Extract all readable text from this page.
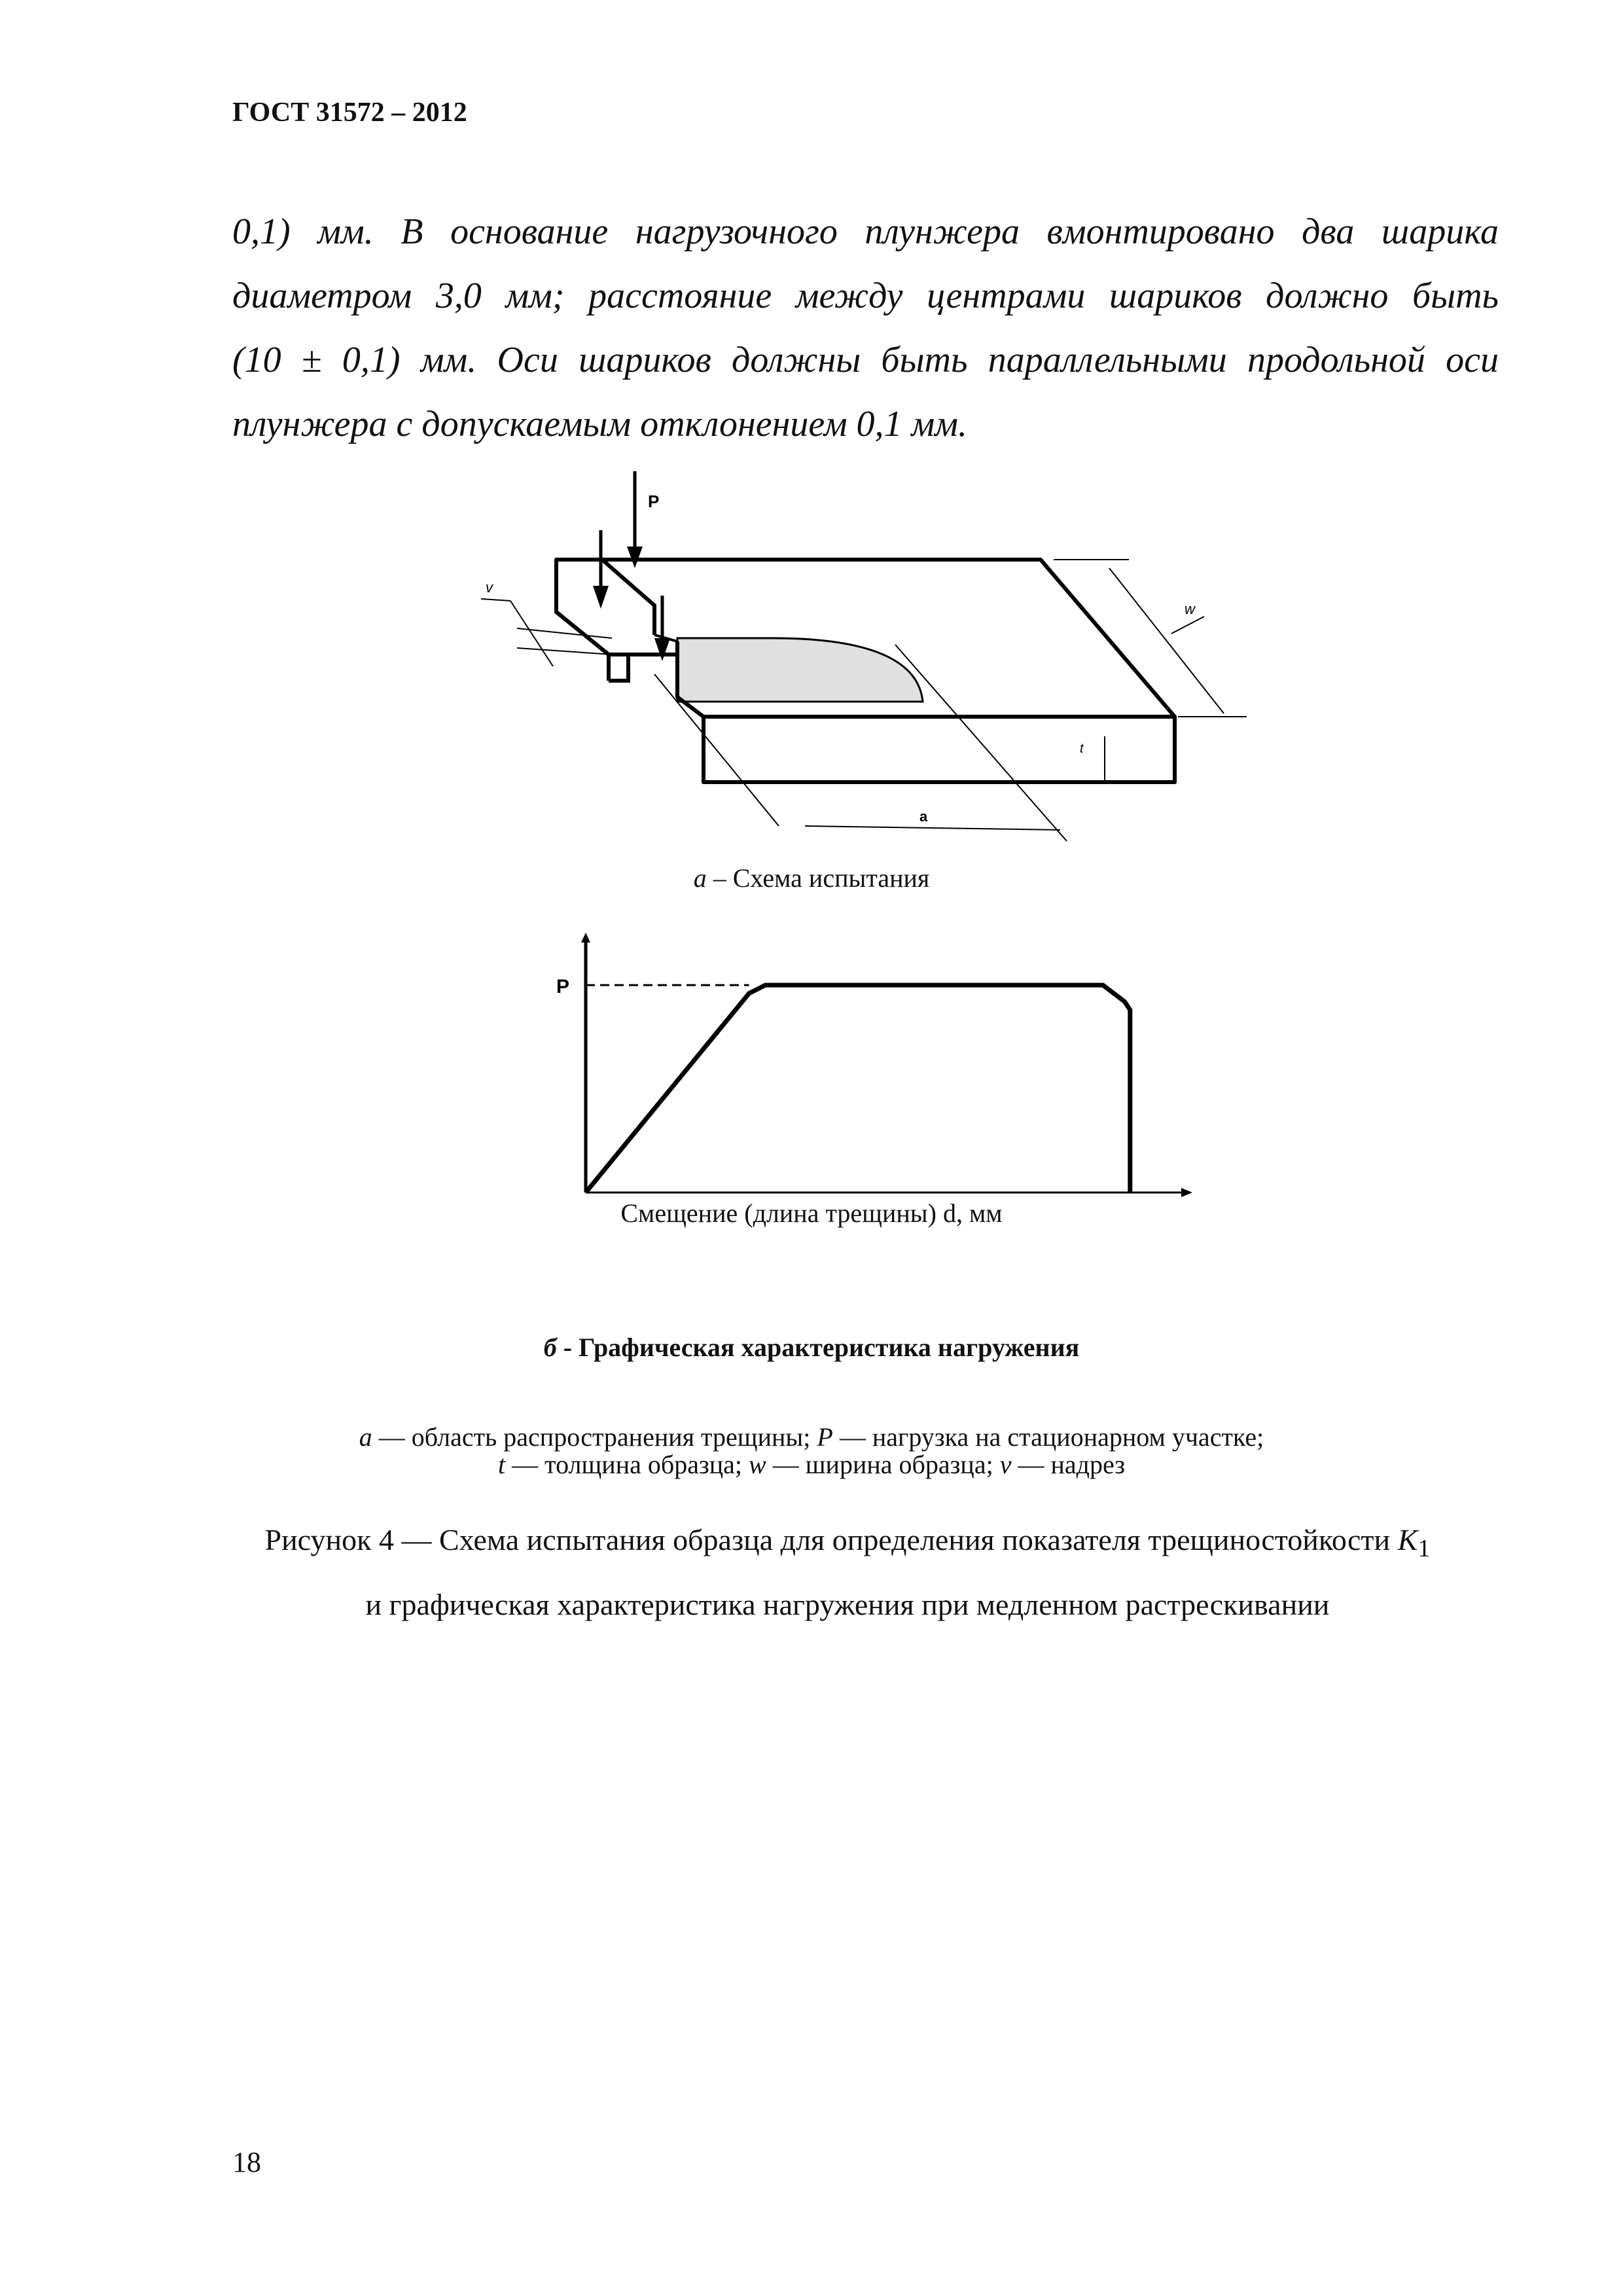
ГОСТ 31572 – 2012
0,1) мм. В основание нагрузочного плунжера вмонтировано два шарика
диаметром 3,0 мм; расстояние между центрами шариков должно быть
(10 ± 0,1) мм. Оси шариков должны быть параллельными продольной оси
плунжера с допускаемым отклонением 0,1 мм.
P
v
w
t
a
а – Схема испытания
P
Смещение (длина трещины) d, мм
б - Графическая характеристика нагружения
a — область распространения трещины; P — нагрузка на стационарном участке;
t — толщина образца; w — ширина образца; v — надрез
Рисунок 4 — Схема испытания образца для определения показателя трещиностойкости $K_1$
и графическая характеристика нагружения при медленном растрескивании
18
